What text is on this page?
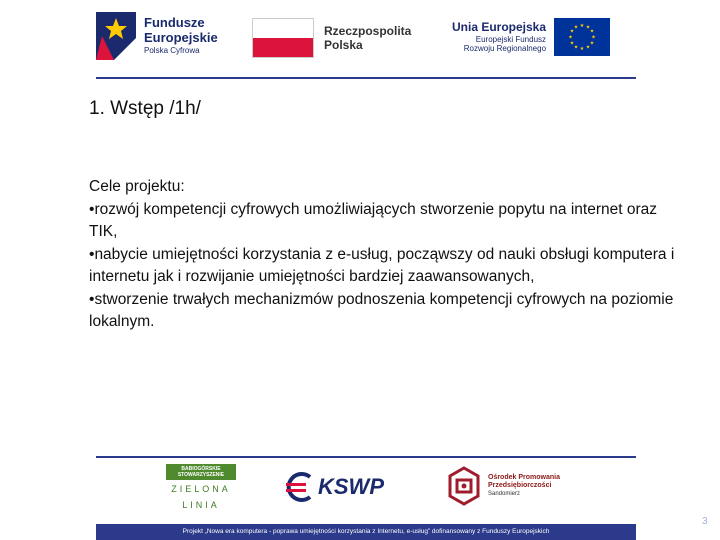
Fundusze
Europejskie
Polska Cyfrowa
Rzeczpospolita
Polska
Unia Europejska
Europejski Fundusz
Rozwoju Regionalnego
★ ★
★
★
★
★
★
★
★
★
★
★
1. Wstęp /1h/

Cele projektu:

• rozwój kompetencji cyfrowych umożliwiających stworzenie popytu na internet oraz TIK,

• nabycie umiejętności korzystania z e-usług, począwszy od nauki obsługi komputera i internetu jak i rozwijanie umiejętności bardziej zaawansowanych,

• stworzenie trwałych mechanizmów podnoszenia kompetencji cyfrowych na poziomie lokalnym.

BABIOGÓRSKIE
STOWARZYSZENIE
ZIELONA
LINIA
KSWP	Ośrodek Promowania
Przedsiębiorczości
Sandomierz
Projekt „Nowa era komputera - poprawa umiejętności korzystania z Internetu, e-usług” dofinansowany z Funduszy Europejskich
3
